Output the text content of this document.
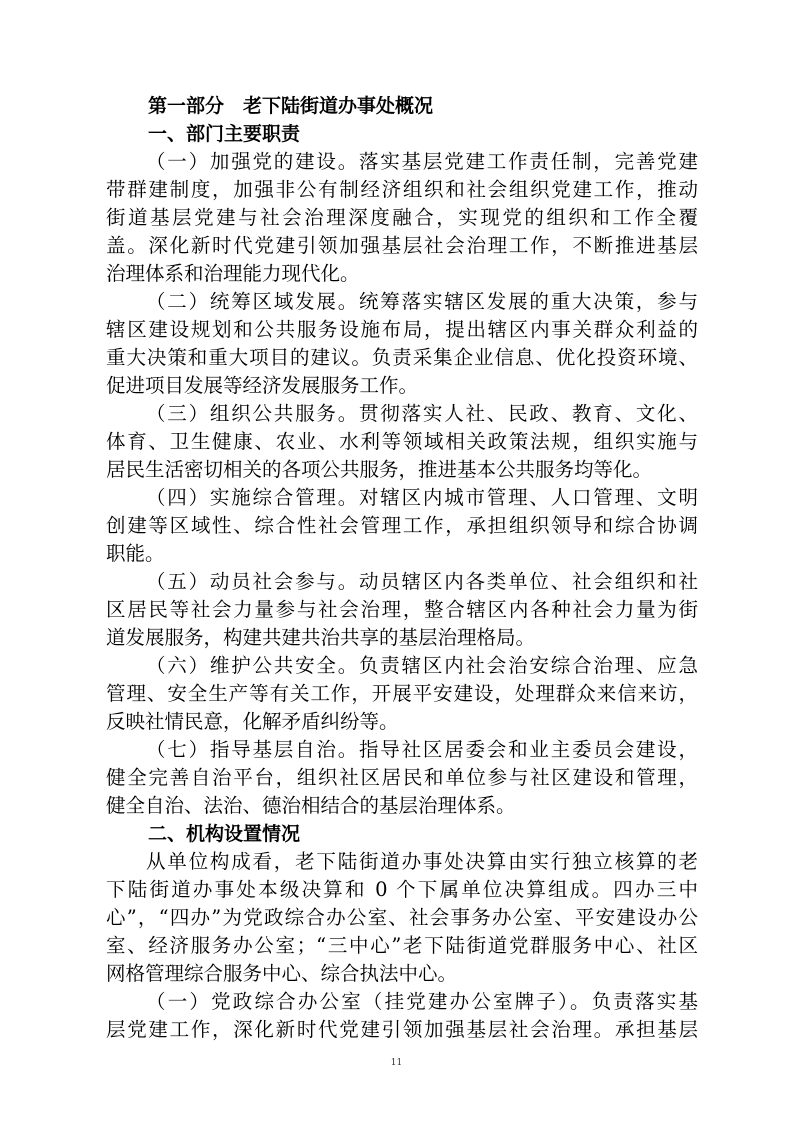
第一部分　老下陆街道办事处概况
一、部门主要职责
（一）加强党的建设。落实基层党建工作责任制，完善党建
带群建制度，加强非公有制经济组织和社会组织党建工作，推动
街道基层党建与社会治理深度融合，实现党的组织和工作全覆
盖。深化新时代党建引领加强基层社会治理工作，不断推进基层
治理体系和治理能力现代化。
（二）统筹区域发展。统筹落实辖区发展的重大决策，参与
辖区建设规划和公共服务设施布局，提出辖区内事关群众利益的
重大决策和重大项目的建议。负责采集企业信息、优化投资环境、
促进项目发展等经济发展服务工作。
（三）组织公共服务。贯彻落实人社、民政、教育、文化、
体育、卫生健康、农业、水利等领域相关政策法规，组织实施与
居民生活密切相关的各项公共服务，推进基本公共服务均等化。
（四）实施综合管理。对辖区内城市管理、人口管理、文明
创建等区域性、综合性社会管理工作，承担组织领导和综合协调
职能。
（五）动员社会参与。动员辖区内各类单位、社会组织和社
区居民等社会力量参与社会治理，整合辖区内各种社会力量为街
道发展服务，构建共建共治共享的基层治理格局。
（六）维护公共安全。负责辖区内社会治安综合治理、应急
管理、安全生产等有关工作，开展平安建设，处理群众来信来访，
反映社情民意，化解矛盾纠纷等。
（七）指导基层自治。指导社区居委会和业主委员会建设，
健全完善自治平台，组织社区居民和单位参与社区建设和管理，
健全自治、法治、德治相结合的基层治理体系。
二、机构设置情况
从单位构成看，老下陆街道办事处决算由实行独立核算的老
下陆街道办事处本级决算和 0 个下属单位决算组成。四办三中
心”，“四办”为党政综合办公室、社会事务办公室、平安建设办公
室、经济服务办公室；“三中心”老下陆街道党群服务中心、社区
网格管理综合服务中心、综合执法中心。
（一）党政综合办公室（挂党建办公室牌子）。负责落实基
层党建工作，深化新时代党建引领加强基层社会治理。承担基层
11
